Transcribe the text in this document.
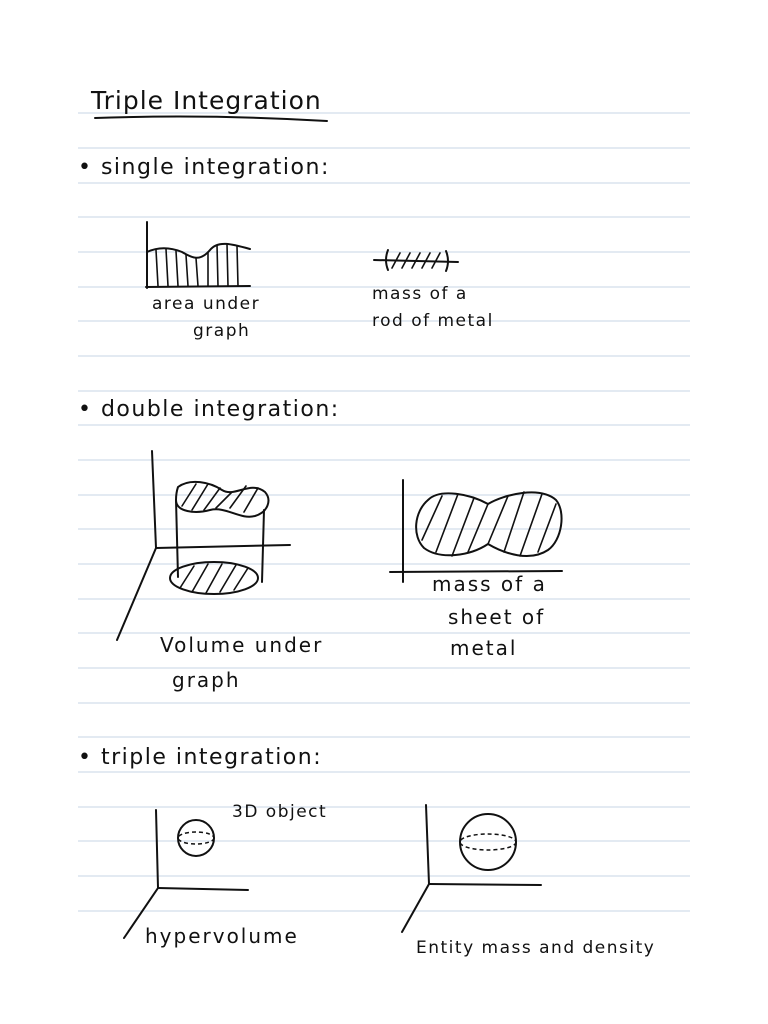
Triple Integration
• single integration:
area under
graph
mass of a
rod of metal
• double integration:
Volume under
graph
mass of a
sheet of
metal
• triple integration:
3D object
hypervolume	Entity mass and density
